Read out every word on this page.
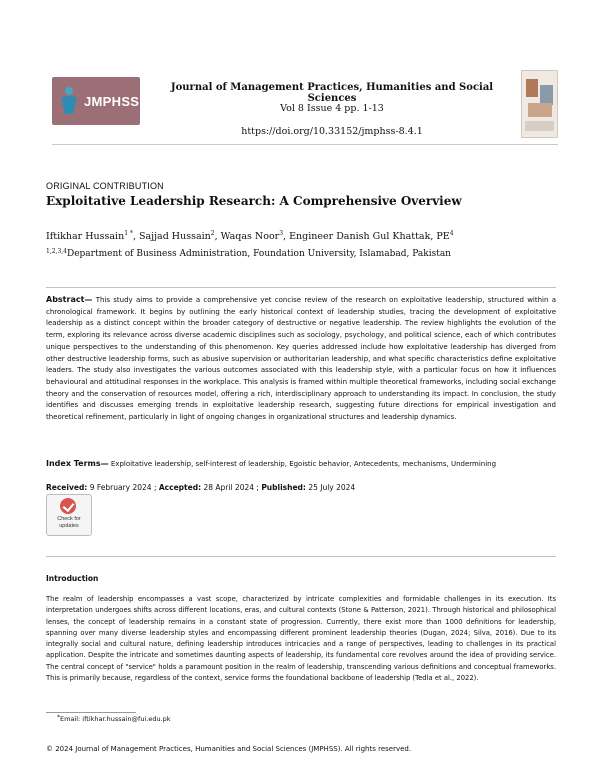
JMPHSS
Journal of Management Practices, Humanities and Social Sciences
Vol 8 Issue 4 pp. 1-13
https://doi.org/10.33152/jmphss-8.4.1
ORIGINAL CONTRIBUTION
Exploitative Leadership Research: A Comprehensive Overview
Iftikhar Hussain$^{1 *}$, Sajjad Hussain$^2$, Waqas Noor$^3$, Engineer Danish Gul Khattak, $PE^4$
$^{1,2,3,4}$Department of Business Administration, Foundation University, Islamabad, Pakistan
Abstract— This study aims to provide a comprehensive yet concise review of the research on exploitative leadership, structured within a chronological framework. It begins by outlining the early historical context of leadership studies, tracing the development of exploitative leadership as a distinct concept within the broader category of destructive or negative leadership. The review highlights the evolution of the term, exploring its relevance across diverse academic disciplines such as sociology, psychology, and political science, each of which contributes unique perspectives to the understanding of this phenomenon. Key queries addressed include how exploitative leadership has diverged from other destructive leadership forms, such as abusive supervision or authoritarian leadership, and what specific characteristics define exploitative leaders. The study also investigates the various outcomes associated with this leadership style, with a particular focus on how it influences behavioural and attitudinal responses in the workplace. This analysis is framed within multiple theoretical frameworks, including social exchange theory and the conservation of resources model, offering a rich, interdisciplinary approach to understanding its impact. In conclusion, the study identifies and discusses emerging trends in exploitative leadership research, suggesting future directions for empirical investigation and theoretical refinement, particularly in light of ongoing changes in organizational structures and leadership dynamics.
Index Terms— Exploitative leadership, self-interest of leadership, Egoistic behavior, Antecedents, mechanisms, Undermining
Received: 9 February 2024 ; Accepted: 28 April 2024 ; Published: 25 July 2024
Check for
updates
Introduction
The realm of leadership encompasses a vast scope, characterized by intricate complexities and formidable challenges in its execution. Its interpretation undergoes shifts across different locations, eras, and cultural contexts (Stone & Patterson, 2021). Through historical and philosophical lenses, the concept of leadership remains in a constant state of progression. Currently, there exist more than 1000 definitions for leadership, spanning over many diverse leadership styles and encompassing different prominent leadership theories (Dugan, 2024; Silva, 2016). Due to its integrally social and cultural nature, defining leadership introduces intricacies and a range of perspectives, leading to challenges in its practical application. Despite the intricate and sometimes daunting aspects of leadership, its fundamental core revolves around the idea of providing service. The central concept of "service" holds a paramount position in the realm of leadership, transcending various definitions and conceptual frameworks. This is primarily because, regardless of the context, service forms the foundational backbone of leadership (Tedla et al., 2022).
*Email: iftikhar.hussain@fui.edu.pk
© 2024 Journal of Management Practices, Humanities and Social Sciences (JMPHSS). All rights reserved.
